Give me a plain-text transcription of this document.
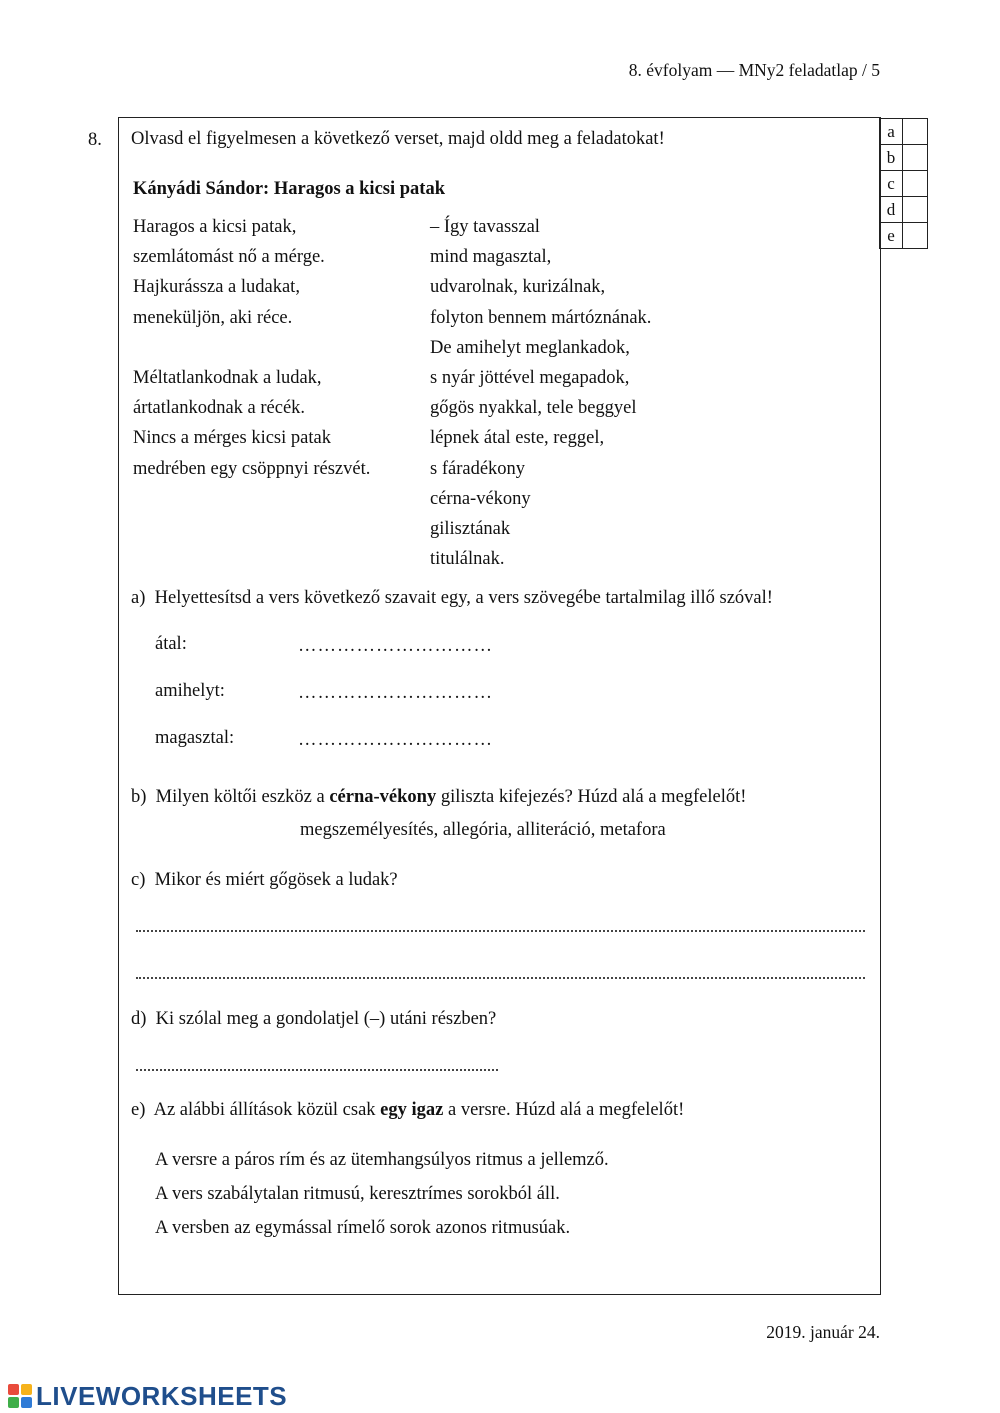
8. évfolyam — MNy2 feladatlap / 5
8.	a	
b	
c	
d	
e	
Olvasd el figyelmesen a következő verset, majd oldd meg a feladatokat!
Kányádi Sándor: Haragos a kicsi patak
Haragos a kicsi patak,
szemlátomást nő a mérge.
Hajkurássza a ludakat,
meneküljön, aki réce.
Méltatlankodnak a ludak,
ártatlankodnak a récék.
Nincs a mérges kicsi patak
medrében egy csöppnyi részvét.
– Így tavasszal
mind magasztal,
udvarolnak, kurizálnak,
folyton bennem mártóznának.
De amihelyt meglankadok,
s nyár jöttével megapadok,
gőgös nyakkal, tele beggyel
lépnek átal este, reggel,
s fáradékony
cérna-vékony
gilisztának
titulálnak.
a) Helyettesítsd a vers következő szavait egy, a vers szövegébe tartalmilag illő szóval!
átal:	…………………………
amihelyt:	…………………………
magasztal:	…………………………
b) Milyen költői eszköz a cérna-vékony giliszta kifejezés? Húzd alá a megfelelőt!
megszemélyesítés, allegória, alliteráció, metafora
c) Mikor és miért gőgösek a ludak?
d) Ki szólal meg a gondolatjel (–) utáni részben?
e) Az alábbi állítások közül csak egy igaz a versre. Húzd alá a megfelelőt!
A versre a páros rím és az ütemhangsúlyos ritmus a jellemző.
A vers szabálytalan ritmusú, keresztrímes sorokból áll.
A versben az egymással rímelő sorok azonos ritmusúak.
2019. január 24.
LIVEWORKSHEETS
